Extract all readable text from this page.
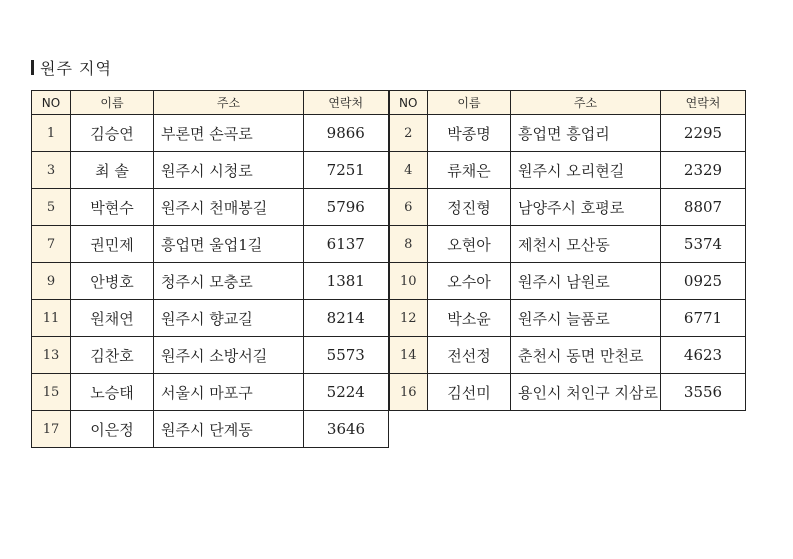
원주 지역
NO	이름	주소	연락처	NO	이름	주소	연락처
1	김승연	부론면 손곡로	9866	2	박종명	흥업면 흥업리	2295
3	최 솔	원주시 시청로	7251	4	류채은	원주시 오리현길	2329
5	박현수	원주시 천매봉길	5796	6	정진형	남양주시 호평로	8807
7	권민제	흥업면 울업1길	6137	8	오현아	제천시 모산동	5374
9	안병호	청주시 모충로	1381	10	오수아	원주시 남원로	0925
11	원채연	원주시 향교길	8214	12	박소윤	원주시 늘품로	6771
13	김찬호	원주시 소방서길	5573	14	전선정	춘천시 동면 만천로	4623
15	노승태	서울시 마포구	5224	16	김선미	용인시 처인구 지삼로	3556
17	이은정	원주시 단계동	3646				
